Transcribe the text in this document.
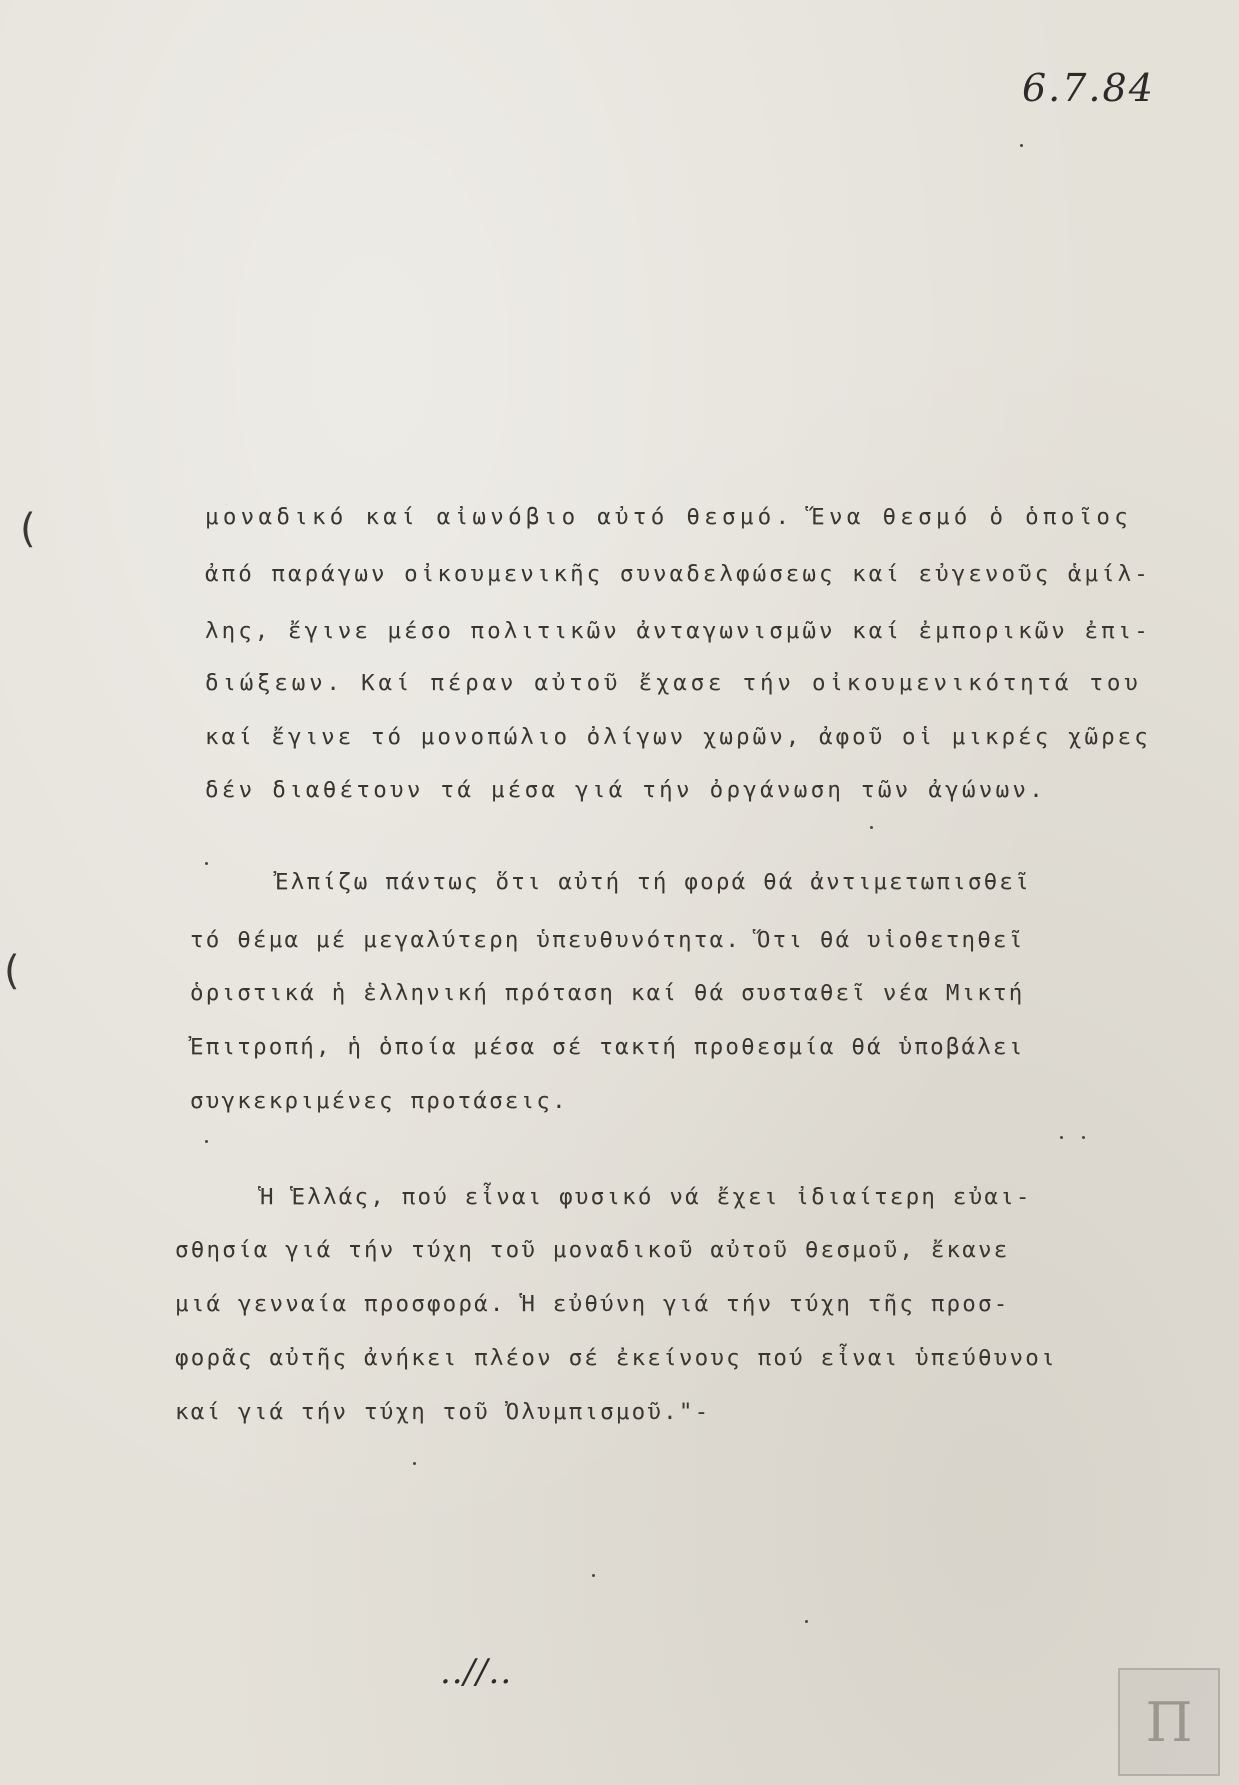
6.7.84
(
(
μοναδικό καί αἰωνόβιο αὐτό θεσμό. Ἕνα θεσμό ὁ ὁποῖος
ἀπό παράγων οἰκουμενικῆς συναδελφώσεως καί εὐγενοῦς ἁμίλ-
λης, ἔγινε μέσο πολιτικῶν ἀνταγωνισμῶν καί ἐμπορικῶν ἐπι-
διώξεων. Καί πέραν αὐτοῦ ἔχασε τήν οἰκουμενικότητά του
καί ἔγινε τό μονοπώλιο ὀλίγων χωρῶν, ἀφοῦ οἱ μικρές χῶρες
δέν διαθέτουν τά μέσα γιά τήν ὀργάνωση τῶν ἀγώνων.
Ἐλπίζω πάντως ὅτι αὐτή τή φορά θά ἀντιμετωπισθεῖ
τό θέμα μέ μεγαλύτερη ὑπευθυνότητα. Ὅτι θά υἱοθετηθεῖ
ὁριστικά ἡ ἑλληνική πρόταση καί θά συσταθεῖ νέα Μικτή
Ἐπιτροπή, ἡ ὁποία μέσα σέ τακτή προθεσμία θά ὑποβάλει
συγκεκριμένες προτάσεις.
Ἡ Ἑλλάς, πού εἶναι φυσικό νά ἔχει ἰδιαίτερη εὐαι-
σθησία γιά τήν τύχη τοῦ μοναδικοῦ αὐτοῦ θεσμοῦ, ἔκανε
μιά γενναία προσφορά. Ἡ εὐθύνη γιά τήν τύχη τῆς προσ-
φορᾶς αὐτῆς ἀνήκει πλέον σέ ἐκείνους πού εἶναι ὑπεύθυνοι
καί γιά τήν τύχη τοῦ Ὀλυμπισμοῦ."-
..//..
Π
